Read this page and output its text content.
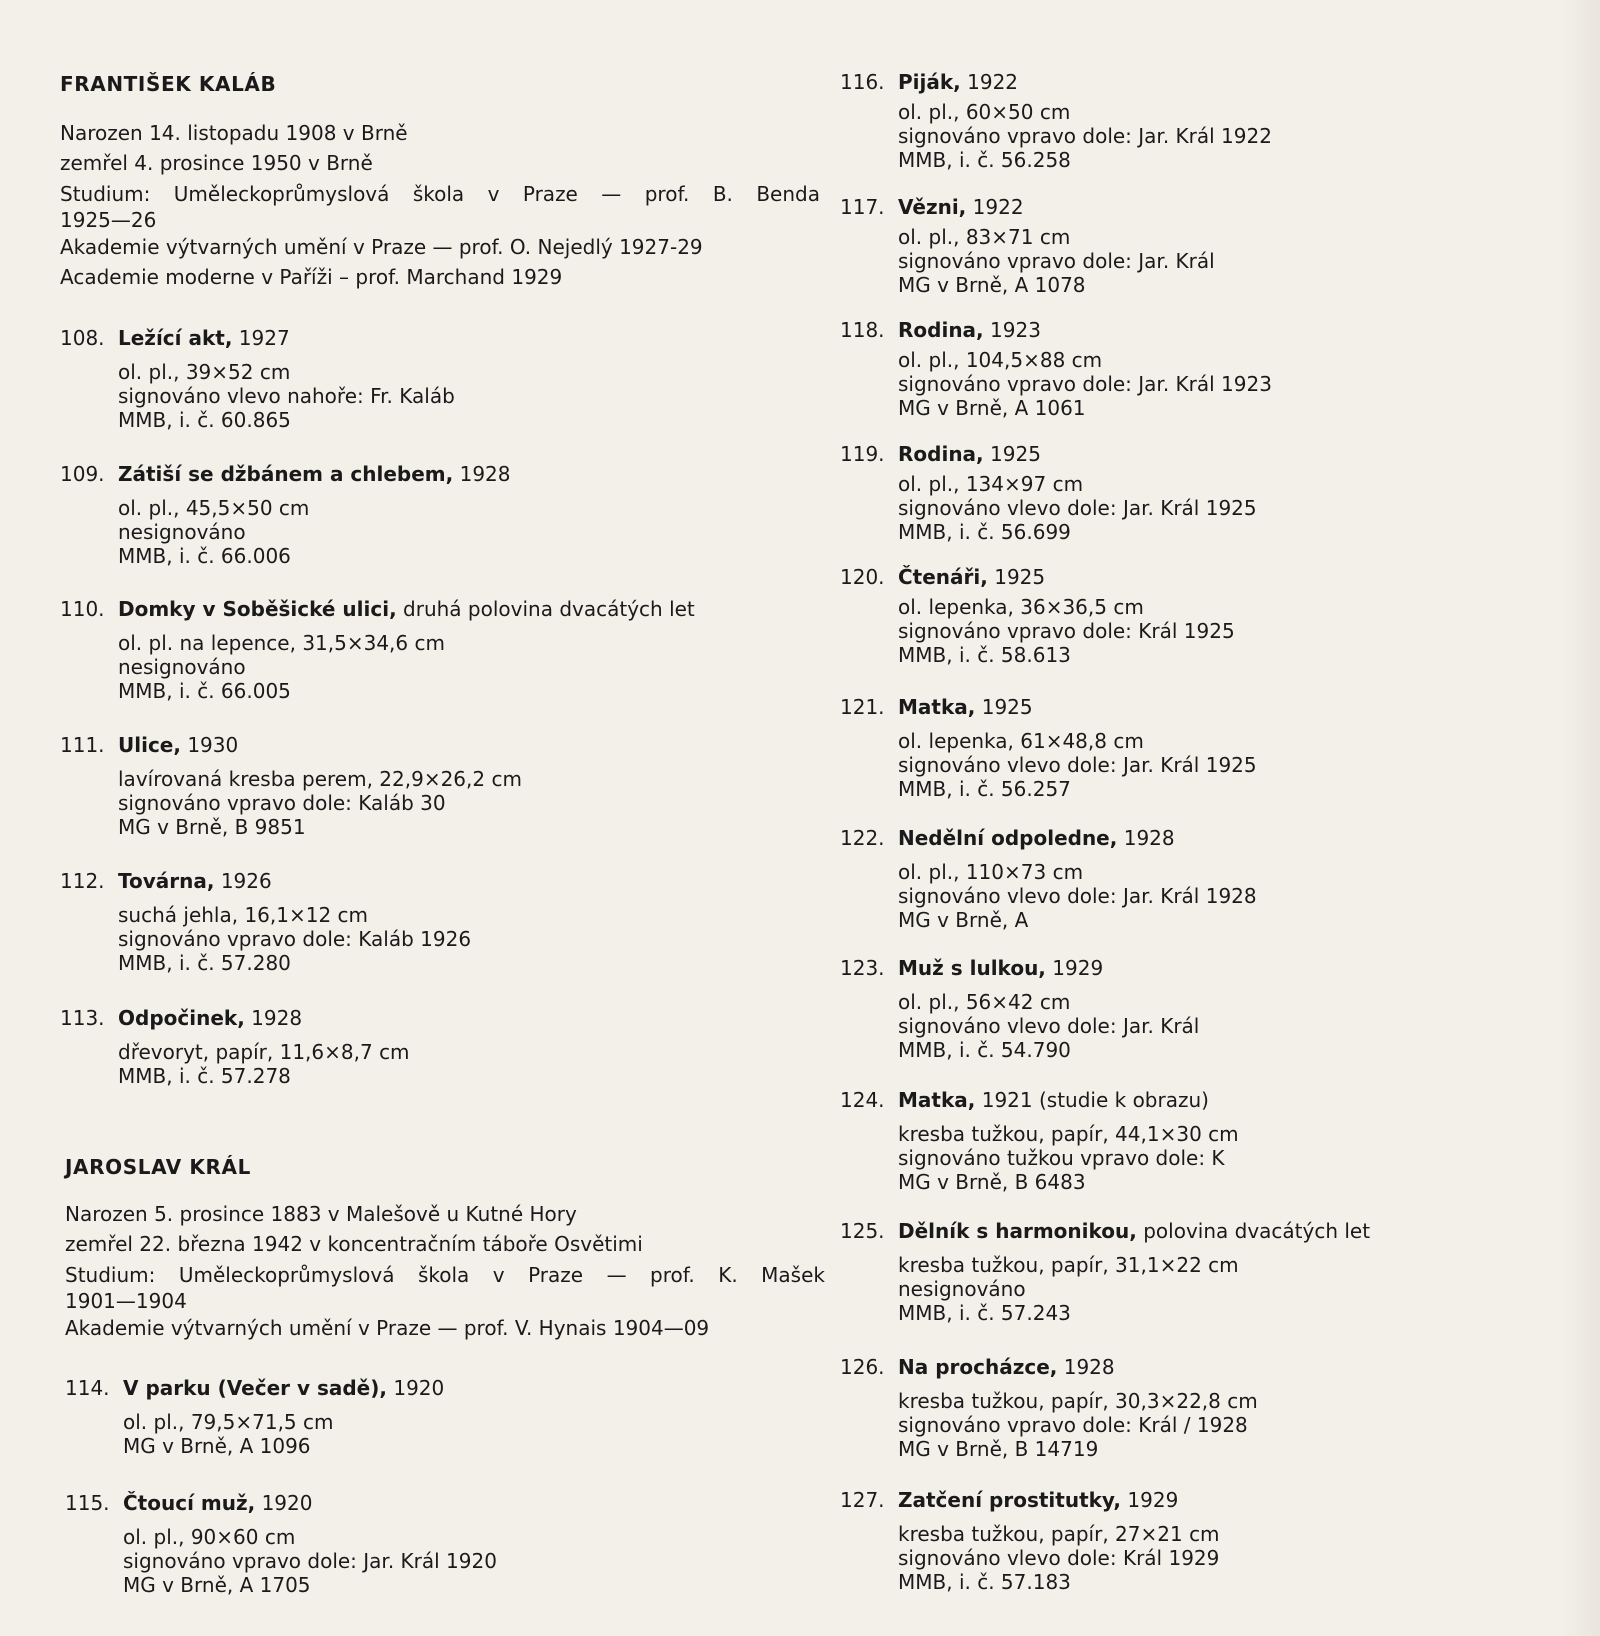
FRANTIŠEK KALÁB
Narozen 14. listopadu 1908 v Brně
zemřel 4. prosince 1950 v Brně
Studium: Uměleckoprůmyslová škola v Praze — prof. B. Benda
1925—26
Akademie výtvarných umění v Praze — prof. O. Nejedlý 1927-29
Academie moderne v Paříži – prof. Marchand 1929
108. Ležící akt, 1927
ol. pl., 39×52 cm
signováno vlevo nahoře: Fr. Kaláb
MMB, i. č. 60.865
109. Zátiší se džbánem a chlebem, 1928
ol. pl., 45,5×50 cm
nesignováno
MMB, i. č. 66.006
110. Domky v Soběšické ulici, druhá polovina dvacátých let
ol. pl. na lepence, 31,5×34,6 cm
nesignováno
MMB, i. č. 66.005
111. Ulice, 1930
lavírovaná kresba perem, 22,9×26,2 cm
signováno vpravo dole: Kaláb 30
MG v Brně, B 9851
112. Továrna, 1926
suchá jehla, 16,1×12 cm
signováno vpravo dole: Kaláb 1926
MMB, i. č. 57.280
113. Odpočinek, 1928
dřevoryt, papír, 11,6×8,7 cm
MMB, i. č. 57.278
JAROSLAV KRÁL
Narozen 5. prosince 1883 v Malešově u Kutné Hory
zemřel 22. března 1942 v koncentračním táboře Osvětimi
Studium: Uměleckoprůmyslová škola v Praze — prof. K. Mašek
1901—1904
Akademie výtvarných umění v Praze — prof. V. Hynais 1904—09
114. V parku (Večer v sadě), 1920
ol. pl., 79,5×71,5 cm
MG v Brně, A 1096
115. Čtoucí muž, 1920
ol. pl., 90×60 cm
signováno vpravo dole: Jar. Král 1920
MG v Brně, A 1705
116. Piják, 1922
ol. pl., 60×50 cm
signováno vpravo dole: Jar. Král 1922
MMB, i. č. 56.258
117. Vězni, 1922
ol. pl., 83×71 cm
signováno vpravo dole: Jar. Král
MG v Brně, A 1078
118. Rodina, 1923
ol. pl., 104,5×88 cm
signováno vpravo dole: Jar. Král 1923
MG v Brně, A 1061
119. Rodina, 1925
ol. pl., 134×97 cm
signováno vlevo dole: Jar. Král 1925
MMB, i. č. 56.699
120. Čtenáři, 1925
ol. lepenka, 36×36,5 cm
signováno vpravo dole: Král 1925
MMB, i. č. 58.613
121. Matka, 1925
ol. lepenka, 61×48,8 cm
signováno vlevo dole: Jar. Král 1925
MMB, i. č. 56.257
122. Nedělní odpoledne, 1928
ol. pl., 110×73 cm
signováno vlevo dole: Jar. Král 1928
MG v Brně, A
123. Muž s lulkou, 1929
ol. pl., 56×42 cm
signováno vlevo dole: Jar. Král
MMB, i. č. 54.790
124. Matka, 1921 (studie k obrazu)
kresba tužkou, papír, 44,1×30 cm
signováno tužkou vpravo dole: K
MG v Brně, B 6483
125. Dělník s harmonikou, polovina dvacátých let
kresba tužkou, papír, 31,1×22 cm
nesignováno
MMB, i. č. 57.243
126. Na procházce, 1928
kresba tužkou, papír, 30,3×22,8 cm
signováno vpravo dole: Král / 1928
MG v Brně, B 14719
127. Zatčení prostitutky, 1929
kresba tužkou, papír, 27×21 cm
signováno vlevo dole: Král 1929
MMB, i. č. 57.183
